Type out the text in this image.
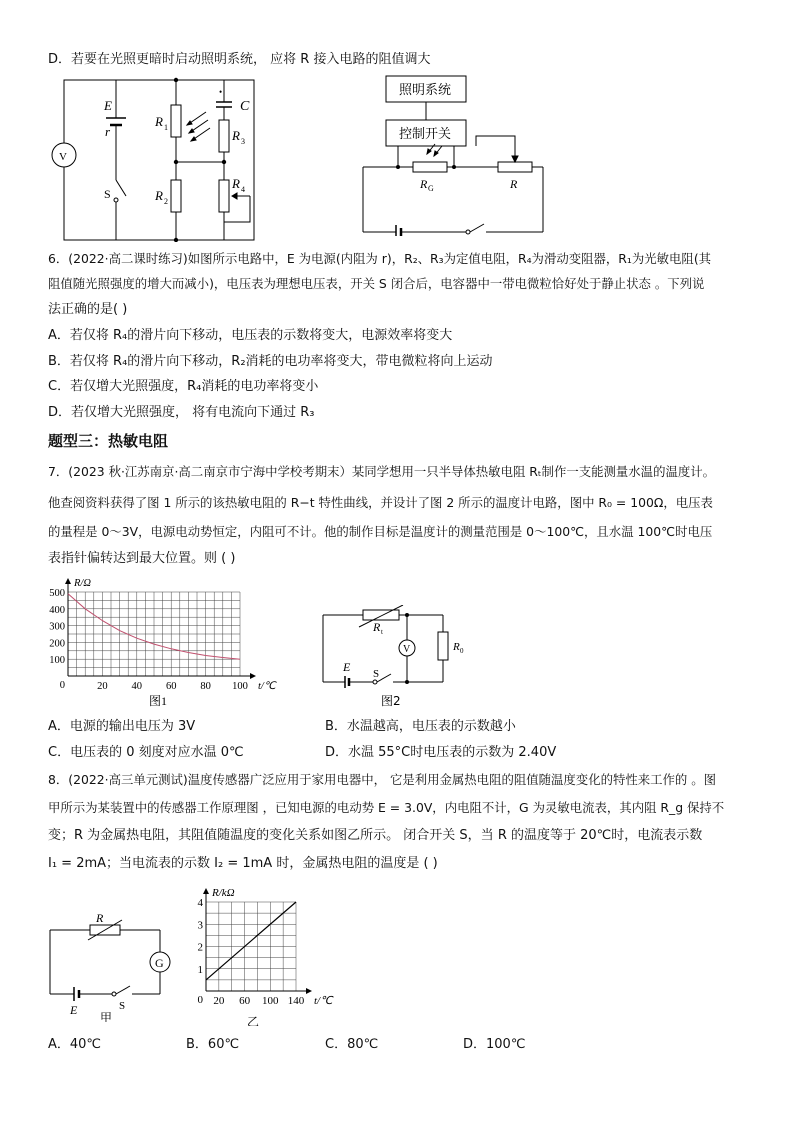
D．若要在光照更暗时启动照明系统， 应将 R 接入电路的阻值调大
V
E
r
S
R 1
R 2
C
R 3
R 4
•	照明系统
控制开关
R G	R
6．(2022·高二课时练习)如图所示电路中，E 为电源(内阻为 r)，R₂、R₃为定值电阻，R₄为滑动变阻器，R₁为光敏电阻(其
阻值随光照强度的增大而减小)，电压表为理想电压表，开关 S 闭合后，电容器中一带电微粒恰好处于静止状态 。下列说
法正确的是( )
A．若仅将 R₄的滑片向下移动，电压表的示数将变大，电源效率将变大
B．若仅将 R₄的滑片向下移动，R₂消耗的电功率将变大，带电微粒将向上运动
C．若仅增大光照强度，R₄消耗的电功率将变小
D．若仅增大光照强度， 将有电流向下通过 R₃
题型三：热敏电阻
7．(2023 秋·江苏南京·高二南京市宁海中学校考期末）某同学想用一只半导体热敏电阻 Rₜ制作一支能测量水温的温度计。
他查阅资料获得了图 1 所示的该热敏电阻的 R−t 特性曲线，并设计了图 2 所示的温度计电路，图中 R₀ = 100Ω，电压表
的量程是 0～3V，电源电动势恒定，内阻可不计。他的制作目标是温度计的测量范围是 0～100℃，且水温 100℃时电压
表指针偏转达到最大位置。则 ( )
20 40 60 80 100
100
200
300
400
500
0	t/℃
R/Ω
图1
R t
V	R 0
E S
图2
A．电源的输出电压为 3V	B．水温越高，电压表的示数越小
C．电压表的 0 刻度对应水温 0℃	D．水温 55°C时电压表的示数为 2.40V
8．(2022·高三单元测试)温度传感器广泛应用于家用电器中， 它是利用金属热电阻的阻值随温度变化的特性来工作的 。图
甲所示为某装置中的传感器工作原理图 ，已知电源的电动势 E = 3.0V，内电阻不计，G 为灵敏电流表，其内阻 R_g 保持不
变；R 为金属热电阻，其阻值随温度的变化关系如图乙所示。 闭合开关 S，当 R 的温度等于 20℃时，电流表示数
I₁ = 2mA；当电流表的示数 I₂ = 1mA 时，金属热电阻的温度是 ( )
R
G
E	S
甲
20 60 100 140
1
2
3
4
0	t/℃
R/kΩ
乙
A．40℃	B．60℃	C．80℃	D．100℃
